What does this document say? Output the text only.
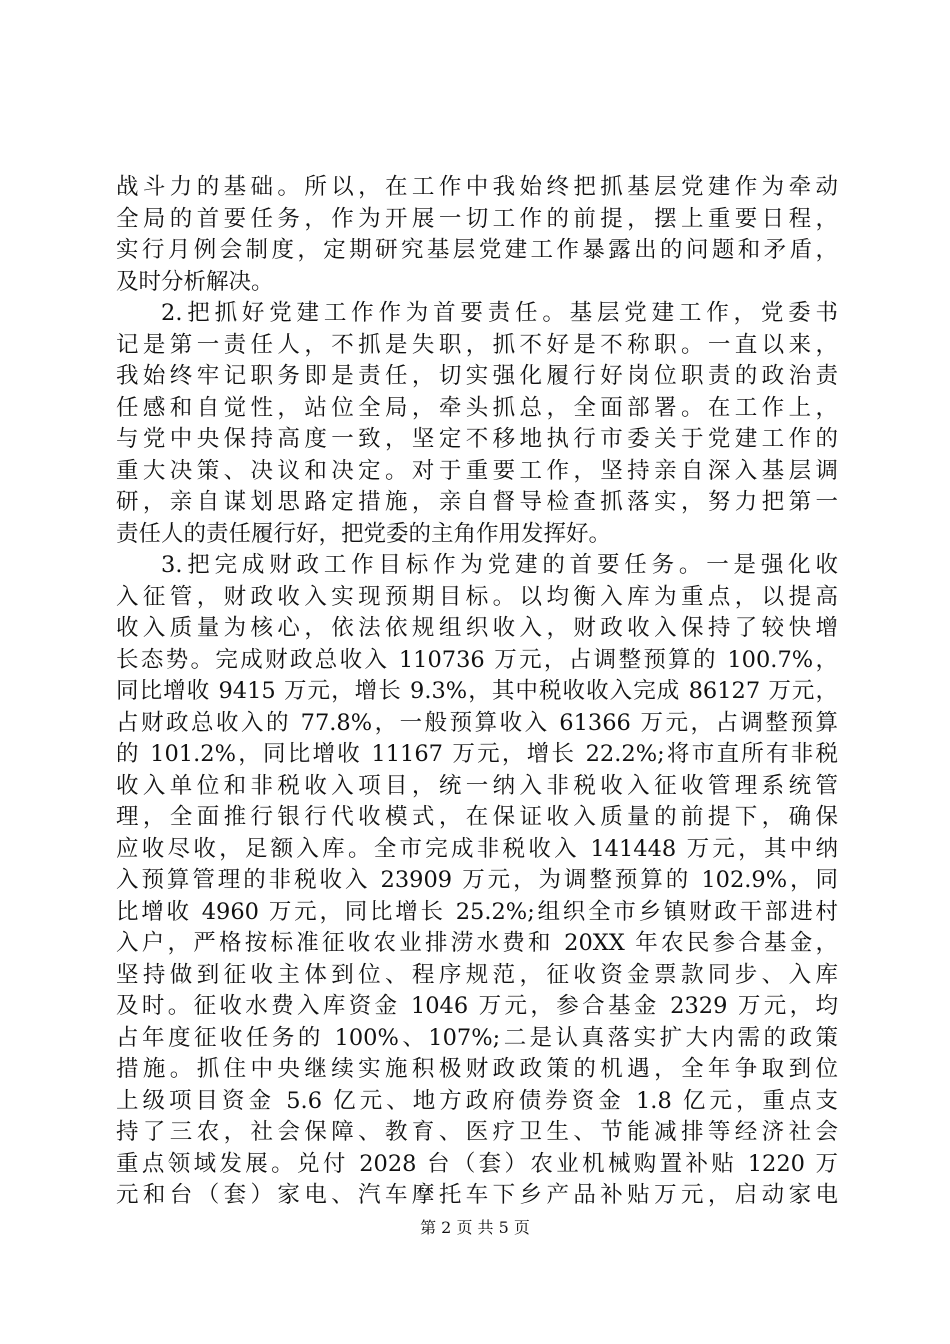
战斗力的基础。所以，在工作中我始终把抓基层党建作为牵动
全局的首要任务，作为开展一切工作的前提，摆上重要日程，
实行月例会制度，定期研究基层党建工作暴露出的问题和矛盾，
及时分析解决。
2.把抓好党建工作作为首要责任。基层党建工作，党委书
记是第一责任人，不抓是失职，抓不好是不称职。一直以来，
我始终牢记职务即是责任，切实强化履行好岗位职责的政治责
任感和自觉性，站位全局，牵头抓总，全面部署。在工作上，
与党中央保持高度一致，坚定不移地执行市委关于党建工作的
重大决策、决议和决定。对于重要工作，坚持亲自深入基层调
研，亲自谋划思路定措施，亲自督导检查抓落实，努力把第一
责任人的责任履行好，把党委的主角作用发挥好。
3.把完成财政工作目标作为党建的首要任务。一是强化收
入征管，财政收入实现预期目标。以均衡入库为重点，以提高
收入质量为核心，依法依规组织收入，财政收入保持了较快增
长态势。完成财政总收入 110736 万元，占调整预算的 100.7%，
同比增收 9415 万元，增长 9.3%，其中税收收入完成 86127 万元，
占财政总收入的 77.8%，一般预算收入 61366 万元，占调整预算
的 101.2%，同比增收 11167 万元，增长 22.2%;将市直所有非税
收入单位和非税收入项目，统一纳入非税收入征收管理系统管
理，全面推行银行代收模式，在保证收入质量的前提下，确保
应收尽收，足额入库。全市完成非税收入 141448 万元，其中纳
入预算管理的非税收入 23909 万元，为调整预算的 102.9%，同
比增收 4960 万元，同比增长 25.2%;组织全市乡镇财政干部进村
入户，严格按标准征收农业排涝水费和 20XX 年农民参合基金，
坚持做到征收主体到位、程序规范，征收资金票款同步、入库
及时。征收水费入库资金 1046 万元，参合基金 2329 万元，均
占年度征收任务的 100%、107%;二是认真落实扩大内需的政策
措施。抓住中央继续实施积极财政政策的机遇，全年争取到位
上级项目资金 5.6 亿元、地方政府债券资金 1.8 亿元，重点支
持了三农，社会保障、教育、医疗卫生、节能减排等经济社会
重点领域发展。兑付 2028 台（套）农业机械购置补贴 1220 万
元和台（套）家电、汽车摩托车下乡产品补贴万元，启动家电
第 2 页 共 5 页
